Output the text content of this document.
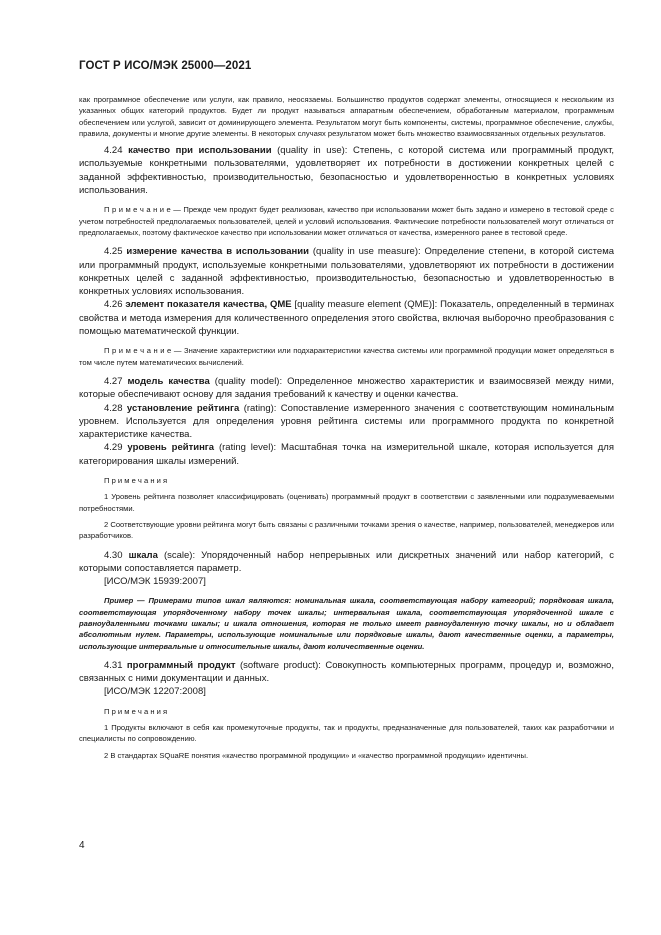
ГОСТ Р ИСО/МЭК 25000—2021

как программное обеспечение или услуги, как правило, неосязаемы. Большинство продуктов содержат элементы, относящиеся к нескольким из указанных общих категорий продуктов. Будет ли продукт называться аппаратным обеспечением, обработанным материалом, программным обеспечением или услугой, зависит от доминирующего элемента. Результатом могут быть компоненты, системы, программное обеспечение, службы, правила, документы и многие другие элементы. В некоторых случаях результатом может быть множество взаимосвязанных отдельных результатов.

4.24 качество при использовании (quality in use): Степень, с которой система или программный продукт, используемые конкретными пользователями, удовлетворяет их потребности в достижении конкретных целей с заданной эффективностью, производительностью, безопасностью и удовлетворенностью в конкретных условиях использования.

П р и м е ч а н и е — Прежде чем продукт будет реализован, качество при использовании может быть задано и измерено в тестовой среде с учетом потребностей предполагаемых пользователей, целей и условий использования. Фактические потребности пользователей могут отличаться от предполагаемых, поэтому фактическое качество при использовании может отличаться от качества, измеренного ранее в тестовой среде.

4.25 измерение качества в использовании (quality in use measure): Определение степени, в которой система или программный продукт, используемые конкретными пользователями, удовлетворяют их потребности в достижении конкретных целей с заданной эффективностью, производительностью, безопасностью и удовлетворенностью в конкретных условиях использования.

4.26 элемент показателя качества, QME [quality measure element (QME)]: Показатель, определенный в терминах свойства и метода измерения для количественного определения этого свойства, включая выборочно преобразования с помощью математической функции.

П р и м е ч а н и е — Значение характеристики или подхарактеристики качества системы или программной продукции может определяться в том числе путем математических вычислений.

4.27 модель качества (quality model): Определенное множество характеристик и взаимосвязей между ними, которые обеспечивают основу для задания требований к качеству и оценки качества.

4.28 установление рейтинга (rating): Сопоставление измеренного значения с соответствующим номинальным уровнем. Используется для определения уровня рейтинга системы или программного продукта по конкретной характеристике качества.

4.29 уровень рейтинга (rating level): Масштабная точка на измерительной шкале, которая используется для категорирования шкалы измерений.

П р и м е ч а н и я

1 Уровень рейтинга позволяет классифицировать (оценивать) программный продукт в соответствии с заявленными или подразумеваемыми потребностями.

2 Соответствующие уровни рейтинга могут быть связаны с различными точками зрения о качестве, например, пользователей, менеджеров или разработчиков.

4.30 шкала (scale): Упорядоченный набор непрерывных или дискретных значений или набор категорий, с которыми сопоставляется параметр.

[ИСО/МЭК 15939:2007]

Пример — Примерами типов шкал являются: номинальная шкала, соответствующая набору категорий; порядковая шкала, соответствующая упорядоченному набору точек шкалы; интервальная шкала, соответствующая упорядоченной шкале с равноудаленными точками шкалы; и шкала отношения, которая не только имеет равноудаленную точку шкалы, но и обладает абсолютным нулем. Параметры, использующие номинальные или порядковые шкалы, дают качественные оценки, а параметры, использующие интервальные и относительные шкалы, дают количественные оценки.

4.31 программный продукт (software product): Совокупность компьютерных программ, процедур и, возможно, связанных с ними документации и данных.

[ИСО/МЭК 12207:2008]

П р и м е ч а н и я

1 Продукты включают в себя как промежуточные продукты, так и продукты, предназначенные для пользователей, таких как разработчики и специалисты по сопровождению.

2 В стандартах SQuaRE понятия «качество программной продукции» и «качество программной продукции» идентичны.

4
